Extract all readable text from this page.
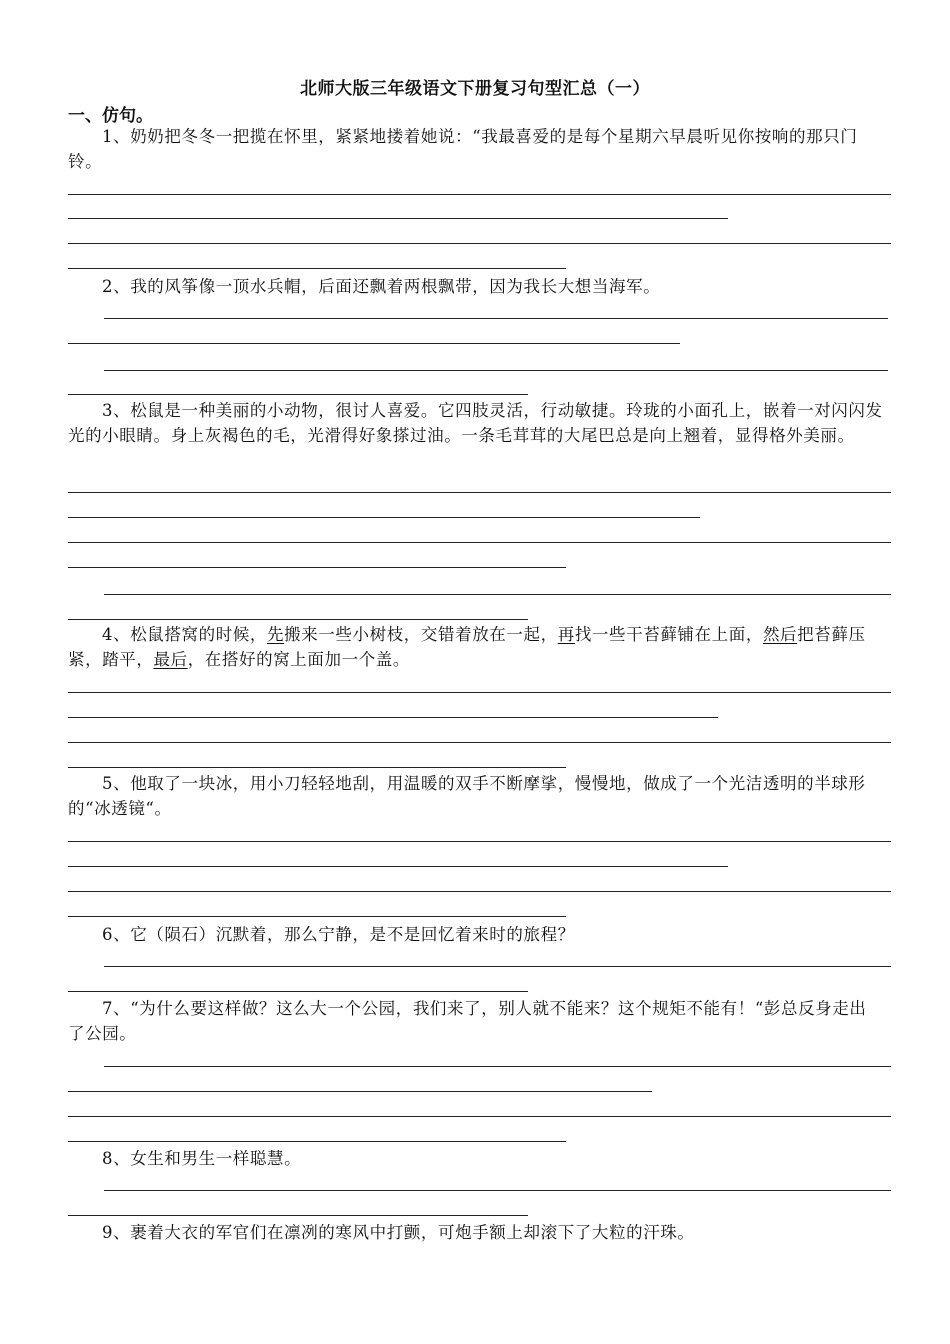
北师大版三年级语文下册复习句型汇总（一）
一、仿句。
1、奶奶把冬冬一把揽在怀里，紧紧地搂着她说：“我最喜爱的是每个星期六早晨听见你按响的那只门铃。
2、我的风筝像一顶水兵帽，后面还飘着两根飘带，因为我长大想当海军。
3、松鼠是一种美丽的小动物，很讨人喜爱。它四肢灵活，行动敏捷。玲珑的小面孔上，嵌着一对闪闪发光的小眼睛。身上灰褐色的毛，光滑得好象搽过油。一条毛茸茸的大尾巴总是向上翘着，显得格外美丽。
4、松鼠搭窝的时候，先搬来一些小树枝，交错着放在一起，再找一些干苔藓铺在上面，然后把苔藓压紧，踏平，最后，在搭好的窝上面加一个盖。
5、他取了一块冰，用小刀轻轻地刮，用温暖的双手不断摩挲，慢慢地，做成了一个光洁透明的半球形的“冰透镜“。
6、它（陨石）沉默着，那么宁静，是不是回忆着来时的旅程？
7、“为什么要这样做？这么大一个公园，我们来了，别人就不能来？这个规矩不能有！“彭总反身走出了公园。
8、女生和男生一样聪慧。
9、裹着大衣的军官们在凛冽的寒风中打颤，可炮手额上却滚下了大粒的汗珠。
